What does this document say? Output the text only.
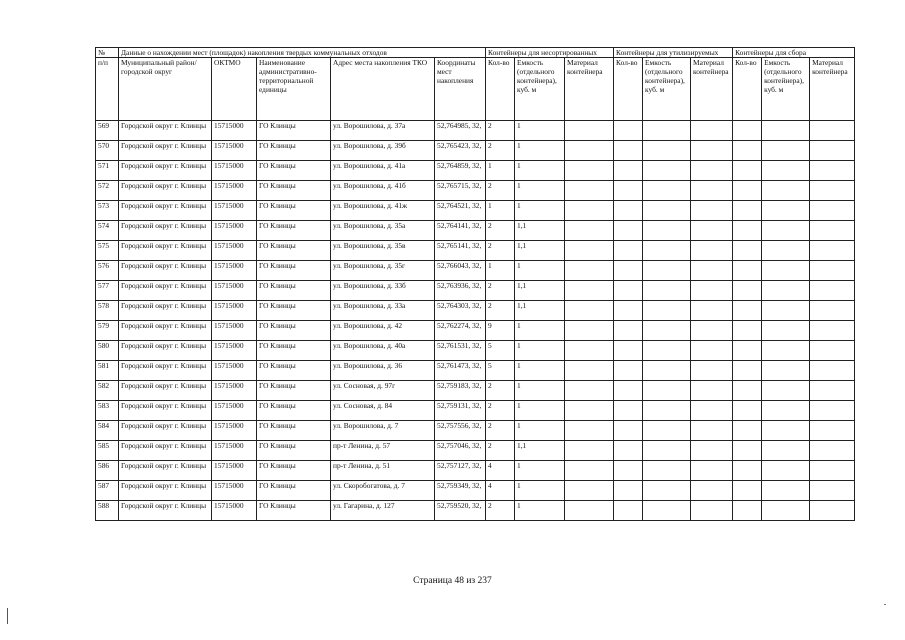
№	Данные о нахождении мест (площадок) накопления твердых коммунальных отходов					Контейнеры для несортированных			Контейнеры для утилизируемых			Контейнеры для сбора		
п/п	Муниципальный район/городской округ	ОКТМО	Наименование административно-территориальной единицы	Адрес места накопления ТКО	Координаты мест накопления	Кол-во	Емкость (отдельного контейнера), куб. м	Материал контейнера	Кол-во	Емкость (отдельного контейнера), куб. м	Материал контейнера	Кол-во	Емкость (отдельного контейнера), куб. м	Материал контейнера
569	Городской округ г. Клинцы	15715000	ГО Клинцы	ул. Ворошилова, д. 37а	52,764985, 32,	2	1							
570	Городской округ г. Клинцы	15715000	ГО Клинцы	ул. Ворошилова, д. 39б	52,765423, 32,	2	1							
571	Городской округ г. Клинцы	15715000	ГО Клинцы	ул. Ворошилова, д. 41а	52,764859, 32,	1	1							
572	Городской округ г. Клинцы	15715000	ГО Клинцы	ул. Ворошилова, д. 41б	52,765715, 32,	2	1							
573	Городской округ г. Клинцы	15715000	ГО Клинцы	ул. Ворошилова, д. 41ж	52,764521, 32,	1	1							
574	Городской округ г. Клинцы	15715000	ГО Клинцы	ул. Ворошилова, д. 35а	52,764141, 32,	2	1,1							
575	Городской округ г. Клинцы	15715000	ГО Клинцы	ул. Ворошилова, д. 35в	52,765141, 32,	2	1,1							
576	Городской округ г. Клинцы	15715000	ГО Клинцы	ул. Ворошилова, д. 35г	52,766043, 32,	1	1							
577	Городской округ г. Клинцы	15715000	ГО Клинцы	ул. Ворошилова, д. 33б	52,763936, 32,	2	1,1							
578	Городской округ г. Клинцы	15715000	ГО Клинцы	ул. Ворошилова, д. 33а	52,764303, 32,	2	1,1							
579	Городской округ г. Клинцы	15715000	ГО Клинцы	ул. Ворошилова, д. 42	52,762274, 32,	9	1							
580	Городской округ г. Клинцы	15715000	ГО Клинцы	ул. Ворошилова, д. 40а	52,761531, 32,	5	1							
581	Городской округ г. Клинцы	15715000	ГО Клинцы	ул. Ворошилова, д. 36	52,761473, 32,	5	1							
582	Городской округ г. Клинцы	15715000	ГО Клинцы	ул. Сосновая, д. 97г	52,759183, 32,	2	1							
583	Городской округ г. Клинцы	15715000	ГО Клинцы	ул. Сосновая, д. 84	52,759131, 32,	2	1							
584	Городской округ г. Клинцы	15715000	ГО Клинцы	ул. Ворошилова, д. 7	52,757556, 32,	2	1							
585	Городской округ г. Клинцы	15715000	ГО Клинцы	пр-т Ленина, д. 57	52,757046, 32,	2	1,1							
586	Городской округ г. Клинцы	15715000	ГО Клинцы	пр-т Ленина, д. 51	52,757127, 32,	4	1							
587	Городской округ г. Клинцы	15715000	ГО Клинцы	ул. Скоробогатова, д. 7	52,759349, 32,	4	1							
588	Городской округ г. Клинцы	15715000	ГО Клинцы	ул. Гагарина, д. 127	52,759520, 32,	2	1							
Страница 48 из 237
